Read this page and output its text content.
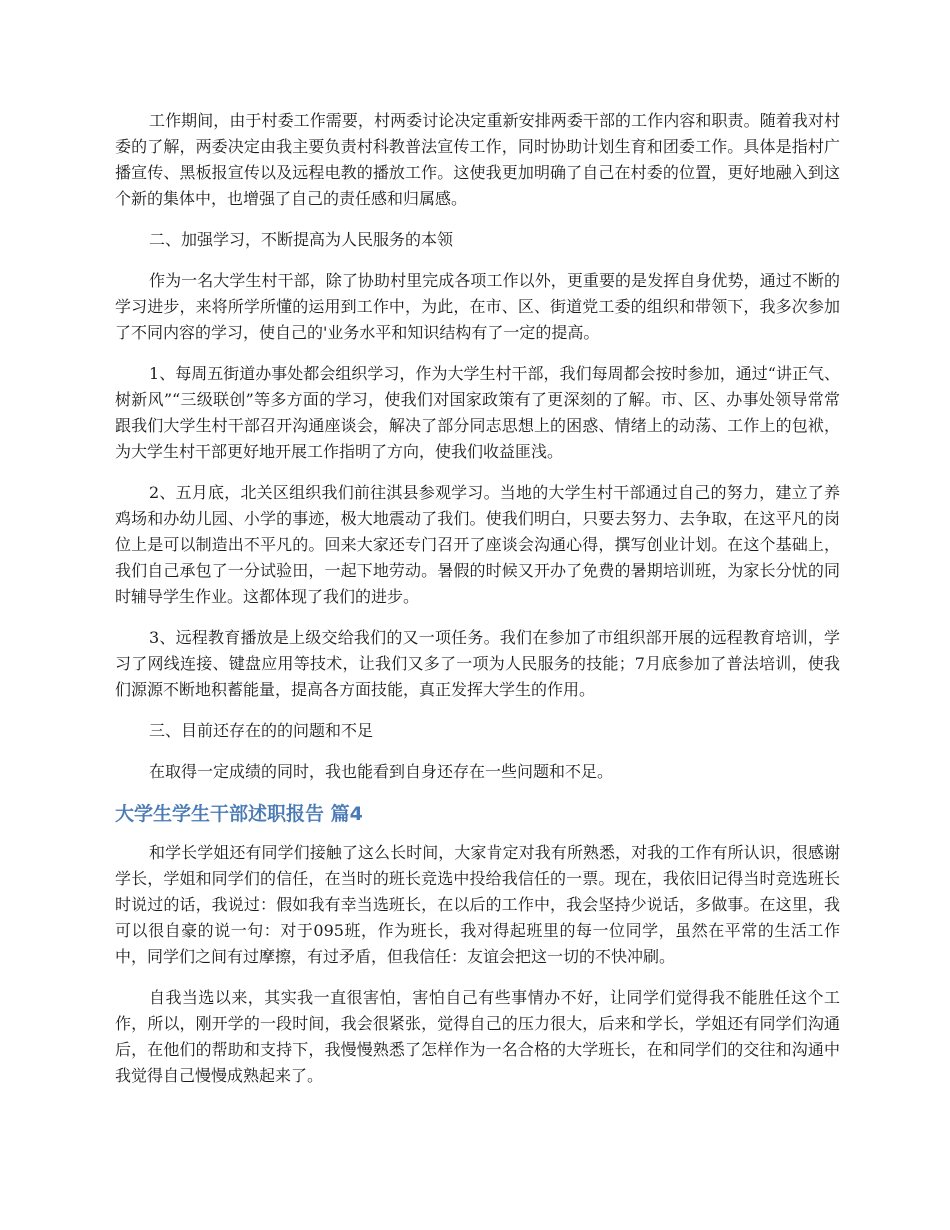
工作期间，由于村委工作需要，村两委讨论决定重新安排两委干部的工作内容和职责。随着我对村委的了解，两委决定由我主要负责村科教普法宣传工作，同时协助计划生育和团委工作。具体是指村广播宣传、黑板报宣传以及远程电教的播放工作。这使我更加明确了自己在村委的位置，更好地融入到这个新的集体中，也增强了自己的责任感和归属感。

二、加强学习，不断提高为人民服务的本领

作为一名大学生村干部，除了协助村里完成各项工作以外，更重要的是发挥自身优势，通过不断的学习进步，来将所学所懂的运用到工作中，为此，在市、区、街道党工委的组织和带领下，我多次参加了不同内容的学习，使自己的'业务水平和知识结构有了一定的提高。

1、每周五街道办事处都会组织学习，作为大学生村干部，我们每周都会按时参加，通过“讲正气、树新风”“三级联创”等多方面的学习，使我们对国家政策有了更深刻的了解。市、区、办事处领导常常跟我们大学生村干部召开沟通座谈会，解决了部分同志思想上的困惑、情绪上的动荡、工作上的包袱，为大学生村干部更好地开展工作指明了方向，使我们收益匪浅。

2、五月底，北关区组织我们前往淇县参观学习。当地的大学生村干部通过自己的努力，建立了养鸡场和办幼儿园、小学的事迹，极大地震动了我们。使我们明白，只要去努力、去争取，在这平凡的岗位上是可以制造出不平凡的。回来大家还专门召开了座谈会沟通心得，撰写创业计划。在这个基础上，我们自己承包了一分试验田，一起下地劳动。暑假的时候又开办了免费的暑期培训班，为家长分忧的同时辅导学生作业。这都体现了我们的进步。

3、远程教育播放是上级交给我们的又一项任务。我们在参加了市组织部开展的远程教育培训，学习了网线连接、键盘应用等技术，让我们又多了一项为人民服务的技能；7月底参加了普法培训，使我们源源不断地积蓄能量，提高各方面技能，真正发挥大学生的作用。

三、目前还存在的的问题和不足

在取得一定成绩的同时，我也能看到自身还存在一些问题和不足。

大学生学生干部述职报告 篇4

和学长学姐还有同学们接触了这么长时间，大家肯定对我有所熟悉，对我的工作有所认识，很感谢学长，学姐和同学们的信任，在当时的班长竞选中投给我信任的一票。现在，我依旧记得当时竞选班长时说过的话，我说过：假如我有幸当选班长，在以后的工作中，我会坚持少说话，多做事。在这里，我可以很自豪的说一句：对于095班，作为班长，我对得起班里的每一位同学，虽然在平常的生活工作中，同学们之间有过摩擦，有过矛盾，但我信任：友谊会把这一切的不快冲刷。

自我当选以来，其实我一直很害怕，害怕自己有些事情办不好，让同学们觉得我不能胜任这个工作，所以，刚开学的一段时间，我会很紧张，觉得自己的压力很大，后来和学长，学姐还有同学们沟通后，在他们的帮助和支持下，我慢慢熟悉了怎样作为一名合格的大学班长，在和同学们的交往和沟通中我觉得自己慢慢成熟起来了。
